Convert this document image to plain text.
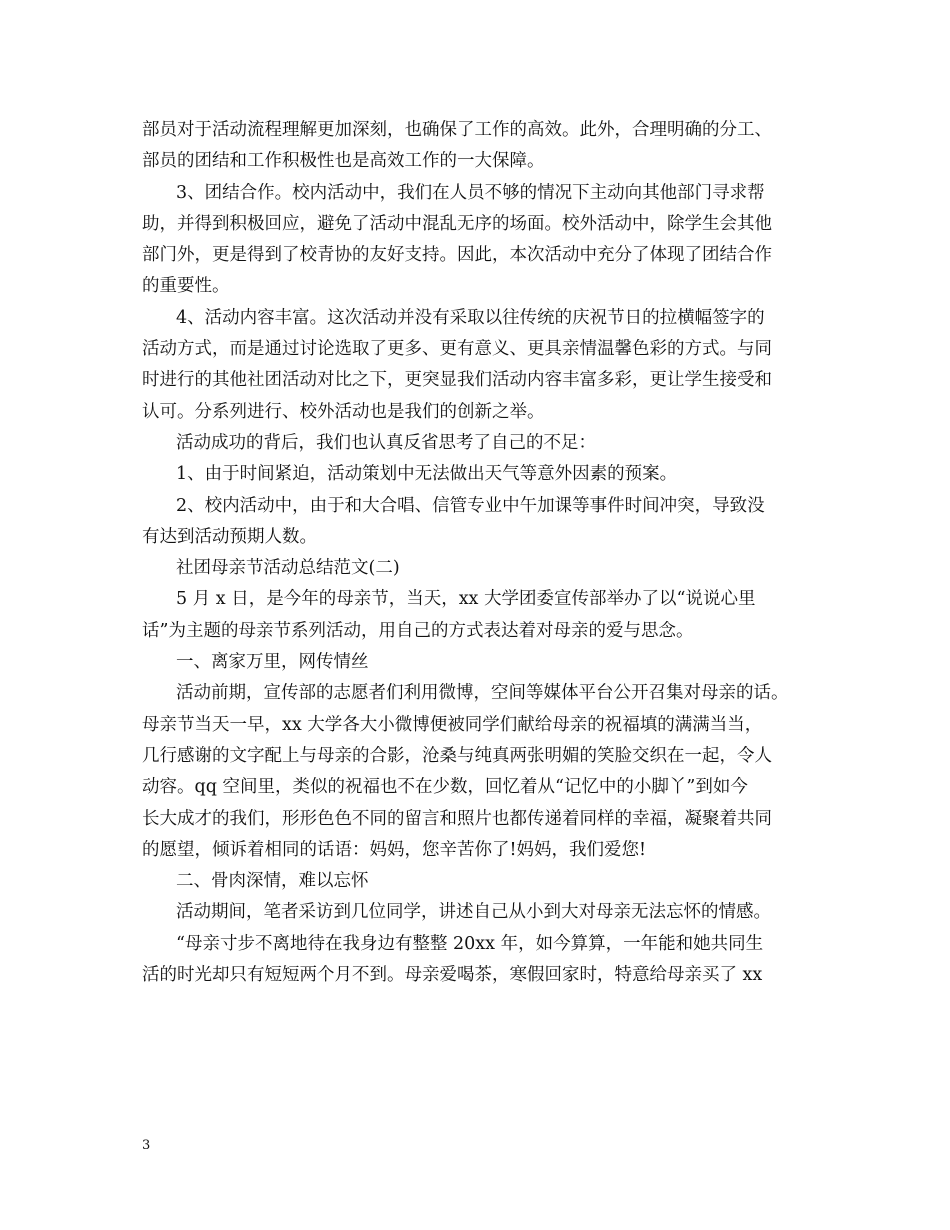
部员对于活动流程理解更加深刻，也确保了工作的高效。此外，合理明确的分工、

部员的团结和工作积极性也是高效工作的一大保障。

3、团结合作。校内活动中，我们在人员不够的情况下主动向其他部门寻求帮

助，并得到积极回应，避免了活动中混乱无序的场面。校外活动中，除学生会其他

部门外，更是得到了校青协的友好支持。因此，本次活动中充分了体现了团结合作

的重要性。

4、活动内容丰富。这次活动并没有采取以往传统的庆祝节日的拉横幅签字的

活动方式，而是通过讨论选取了更多、更有意义、更具亲情温馨色彩的方式。与同

时进行的其他社团活动对比之下，更突显我们活动内容丰富多彩，更让学生接受和

认可。分系列进行、校外活动也是我们的创新之举。

活动成功的背后，我们也认真反省思考了自己的不足：

1、由于时间紧迫，活动策划中无法做出天气等意外因素的预案。

2、校内活动中，由于和大合唱、信管专业中午加课等事件时间冲突，导致没

有达到活动预期人数。

社团母亲节活动总结范文(二)

5 月 x 日，是今年的母亲节，当天，xx 大学团委宣传部举办了以“说说心里

话”为主题的母亲节系列活动，用自己的方式表达着对母亲的爱与思念。

一、离家万里，网传情丝

活动前期，宣传部的志愿者们利用微博，空间等媒体平台公开召集对母亲的话。

母亲节当天一早，xx 大学各大小微博便被同学们献给母亲的祝福填的满满当当，

几行感谢的文字配上与母亲的合影，沧桑与纯真两张明媚的笑脸交织在一起，令人

动容。qq 空间里，类似的祝福也不在少数，回忆着从“记忆中的小脚丫”到如今

长大成才的我们，形形色色不同的留言和照片也都传递着同样的幸福，凝聚着共同

的愿望，倾诉着相同的话语：妈妈，您辛苦你了!妈妈，我们爱您!

二、骨肉深情，难以忘怀

活动期间，笔者采访到几位同学，讲述自己从小到大对母亲无法忘怀的情感。

“母亲寸步不离地待在我身边有整整 20xx 年，如今算算，一年能和她共同生

活的时光却只有短短两个月不到。母亲爱喝茶，寒假回家时，特意给母亲买了 xx

3
